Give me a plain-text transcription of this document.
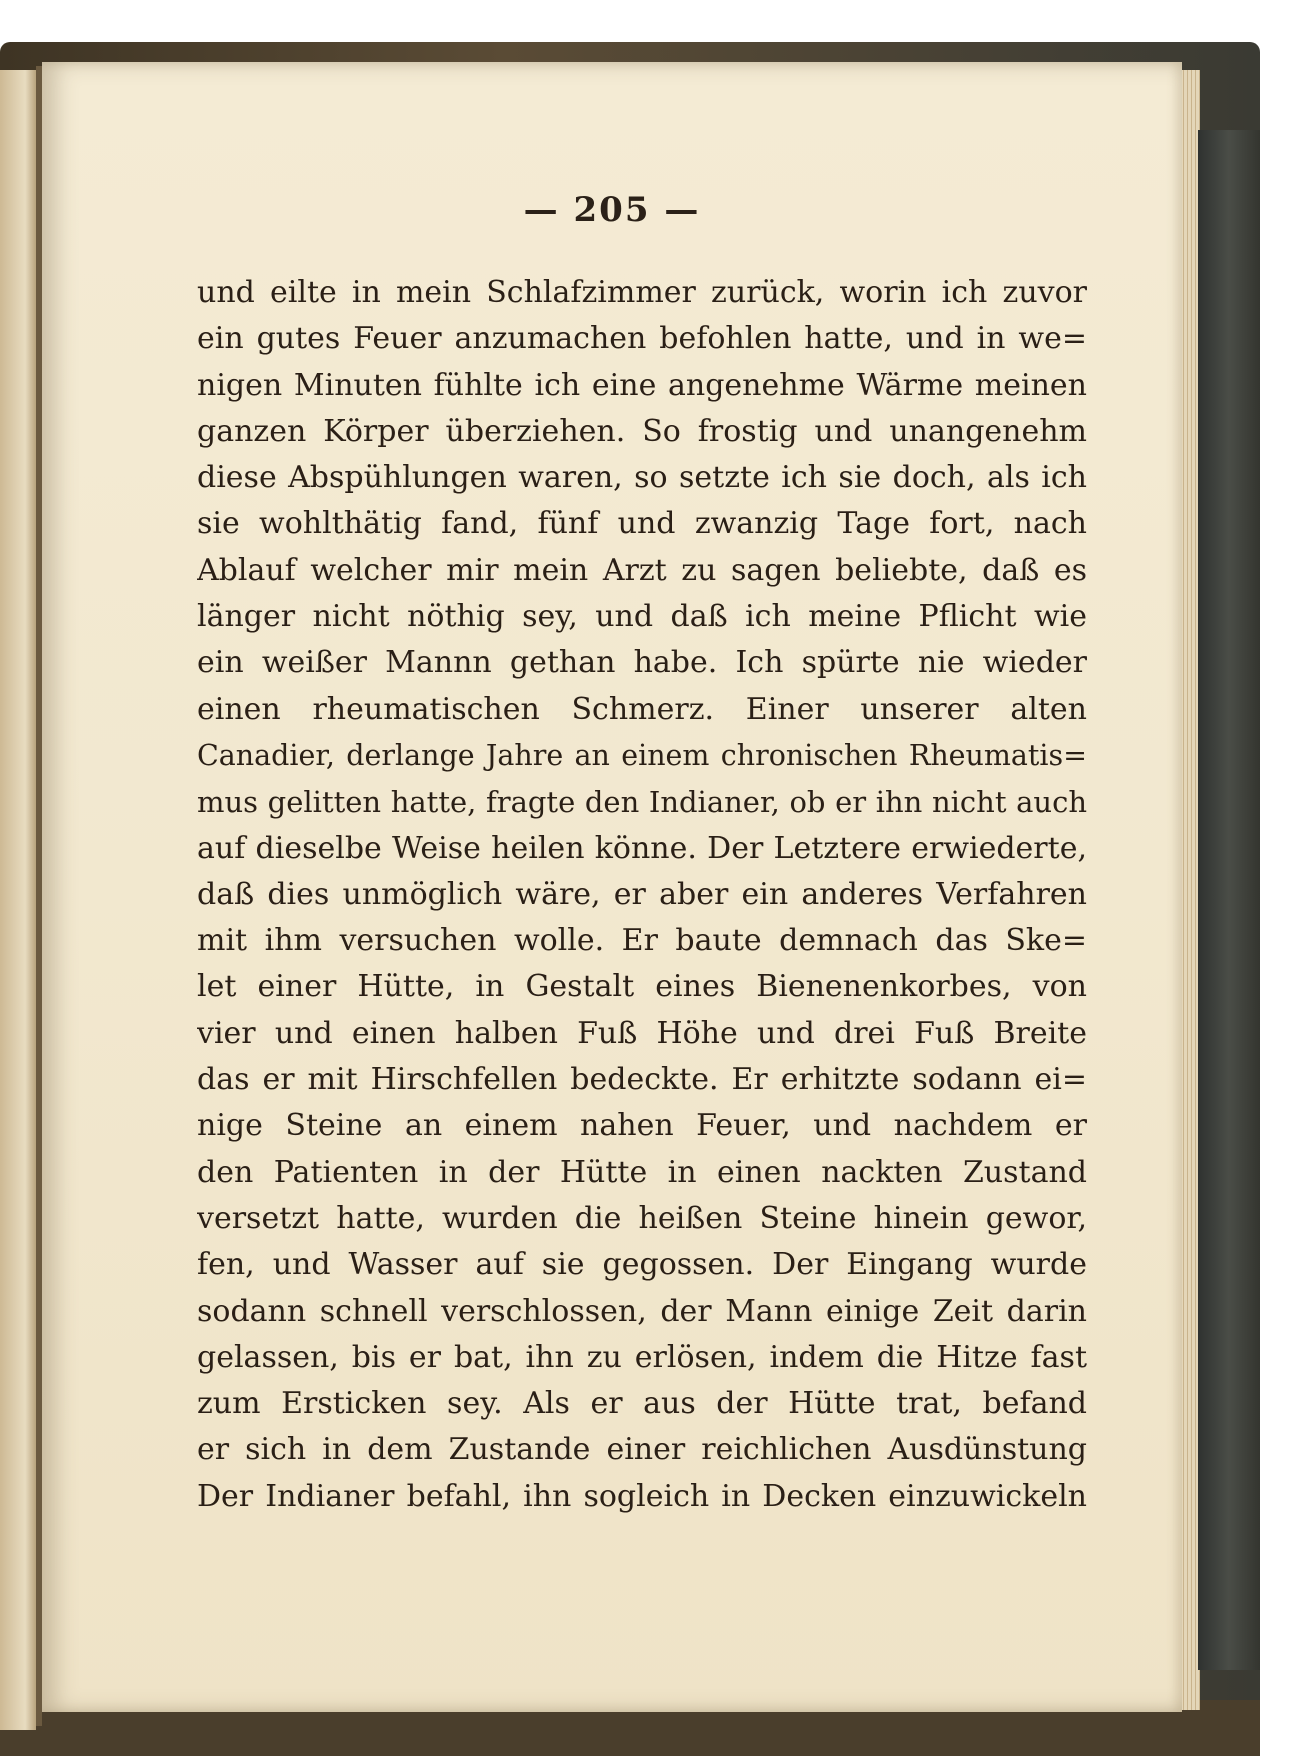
— 205 —
und eilte in mein Schlafzimmer zurück, worin ich zuvor
ein gutes Feuer anzumachen befohlen hatte, und in we=
nigen Minuten fühlte ich eine angenehme Wärme meinen
ganzen Körper überziehen. So frostig und unangenehm
diese Abspühlungen waren, so setzte ich sie doch, als ich
sie wohlthätig fand, fünf und zwanzig Tage fort, nach
Ablauf welcher mir mein Arzt zu sagen beliebte, daß es
länger nicht nöthig sey, und daß ich meine Pflicht wie
ein weißer Mannn gethan habe. Ich spürte nie wieder
einen rheumatischen Schmerz. Einer unserer alten
Canadier, derlange Jahre an einem chronischen Rheumatis=
mus gelitten hatte, fragte den Indianer, ob er ihn nicht auch
auf dieselbe Weise heilen könne. Der Letztere erwiederte,
daß dies unmöglich wäre, er aber ein anderes Verfahren
mit ihm versuchen wolle. Er baute demnach das Ske=
let einer Hütte, in Gestalt eines Bienenenkorbes, von
vier und einen halben Fuß Höhe und drei Fuß Breite
das er mit Hirschfellen bedeckte. Er erhitzte sodann ei=
nige Steine an einem nahen Feuer, und nachdem er
den Patienten in der Hütte in einen nackten Zustand
versetzt hatte, wurden die heißen Steine hinein gewor,
fen, und Wasser auf sie gegossen. Der Eingang wurde
sodann schnell verschlossen, der Mann einige Zeit darin
gelassen, bis er bat, ihn zu erlösen, indem die Hitze fast
zum Ersticken sey. Als er aus der Hütte trat, befand
er sich in dem Zustande einer reichlichen Ausdünstung
Der Indianer befahl, ihn sogleich in Decken einzuwickeln
